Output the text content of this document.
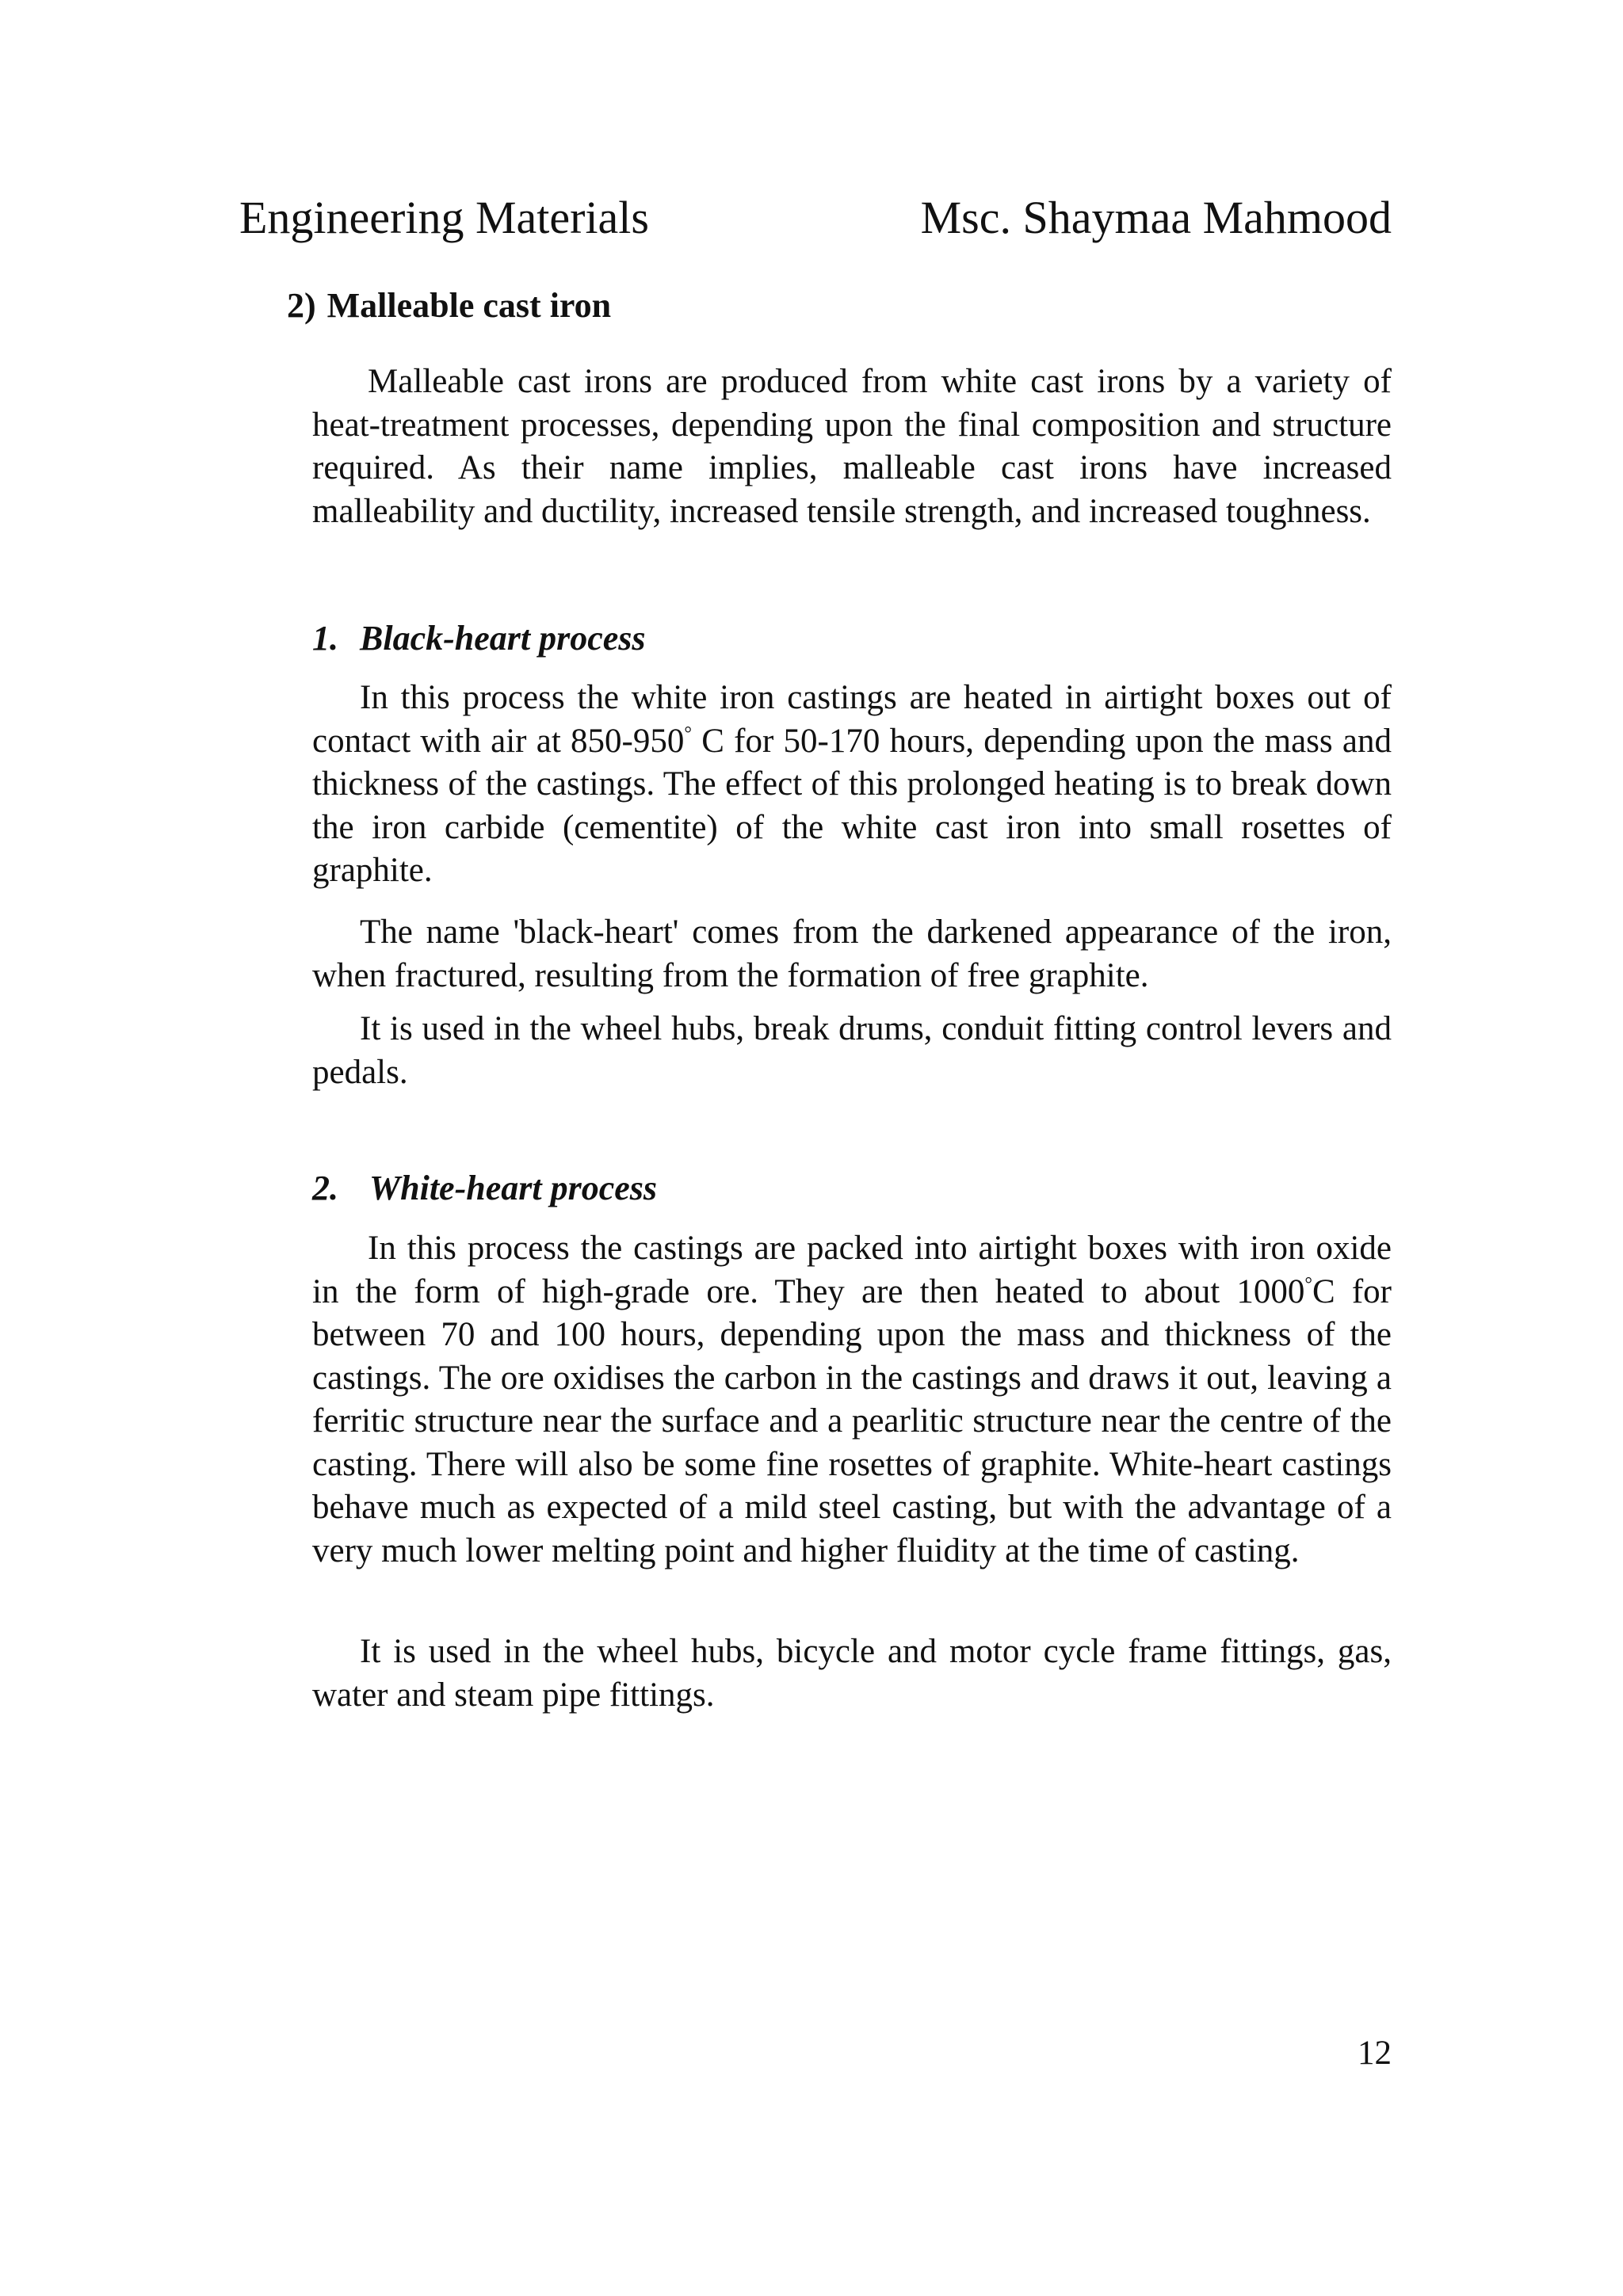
Engineering Materials	Msc. Shaymaa Mahmood
2) Malleable cast iron

Malleable cast irons are produced from white cast irons by a variety of heat-treatment processes, depending upon the final composition and structure required. As their name implies, malleable cast irons have increased malleability and ductility, increased tensile strength, and increased toughness.

1. Black-heart process

In this process the white iron castings are heated in airtight boxes out of contact with air at 850-950° C for 50-170 hours, depending upon the mass and thickness of the castings. The effect of this prolonged heating is to break down the iron carbide (cementite) of the white cast iron into small rosettes of graphite.

The name 'black-heart' comes from the darkened appearance of the iron, when fractured, resulting from the formation of free graphite.

It is used in the wheel hubs, break drums, conduit fitting control levers and pedals.

2. White-heart process

In this process the castings are packed into airtight boxes with iron oxide in the form of high-grade ore. They are then heated to about 1000°C for between 70 and 100 hours, depending upon the mass and thickness of the castings. The ore oxidises the carbon in the castings and draws it out, leaving a ferritic structure near the surface and a pearlitic structure near the centre of the casting. There will also be some fine rosettes of graphite. White-heart castings behave much as expected of a mild steel casting, but with the advantage of a very much lower melting point and higher fluidity at the time of casting.

It is used in the wheel hubs, bicycle and motor cycle frame fittings, gas, water and steam pipe fittings.

12
